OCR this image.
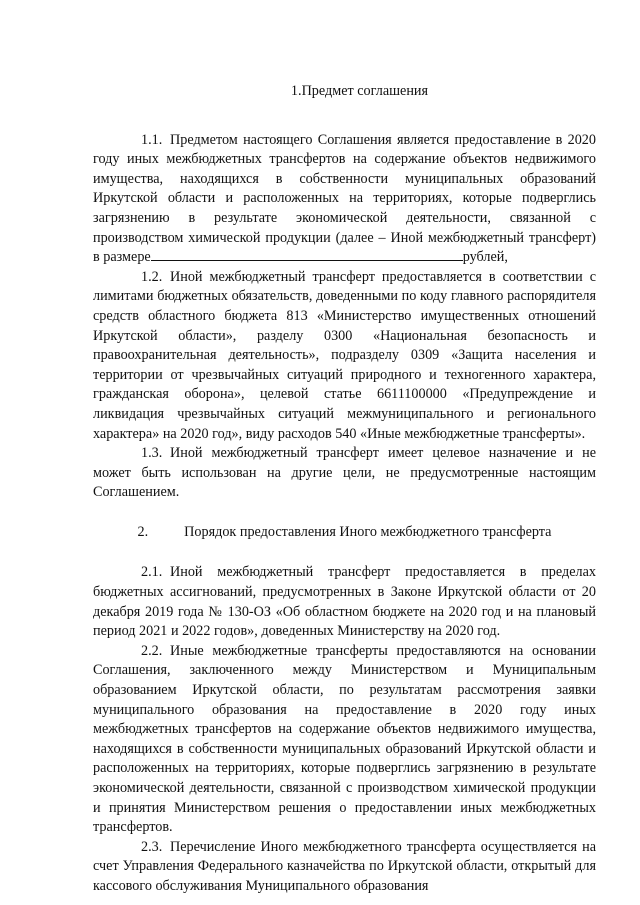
1.Предмет соглашения

1.1. Предметом настоящего Соглашения является предоставление в 2020 году иных межбюджетных трансфертов на содержание объектов недвижимого имущества, находящихся в собственности муниципальных образований Иркутской области и расположенных на территориях, которые подверглись загрязнению в результате экономической деятельности, связанной с производством химической продукции (далее – Иной межбюджетный трансферт) в размере	рублей,

1.2. Иной межбюджетный трансферт предоставляется в соответствии с лимитами бюджетных обязательств, доведенными по коду главного распорядителя средств областного бюджета 813 «Министерство имущественных отношений Иркутской области», разделу 0300 «Национальная безопасность и правоохранительная деятельность», подразделу 0309 «Защита населения и территории от чрезвычайных ситуаций природного и техногенного характера, гражданская оборона», целевой статье 6611100000 «Предупреждение и ликвидация чрезвычайных ситуаций межмуниципального и регионального характера» на 2020 год», виду расходов 540 «Иные межбюджетные трансферты».

1.3. Иной межбюджетный трансферт имеет целевое назначение и не может быть использован на другие цели, не предусмотренные настоящим Соглашением.

2.	Порядок предоставления Иного межбюджетного трансферта

2.1. Иной межбюджетный трансферт предоставляется в пределах бюджетных ассигнований, предусмотренных в Законе Иркутской области от 20 декабря 2019 года № 130-ОЗ «Об областном бюджете на 2020 год и на плановый период 2021 и 2022 годов», доведенных Министерству на 2020 год.

2.2. Иные межбюджетные трансферты предоставляются на основании Соглашения, заключенного между Министерством и Муниципальным образованием Иркутской области, по результатам рассмотрения заявки муниципального образования на предоставление в 2020 году иных межбюджетных трансфертов на содержание объектов недвижимого имущества, находящихся в собственности муниципальных образований Иркутской области и расположенных на территориях, которые подверглись загрязнению в результате экономической деятельности, связанной с производством химической продукции и принятия Министерством решения о предоставлении иных межбюджетных трансфертов.

2.3. Перечисление Иного межбюджетного трансферта осуществляется на счет Управления Федерального казначейства по Иркутской области, открытый для кассового обслуживания Муниципального образования
